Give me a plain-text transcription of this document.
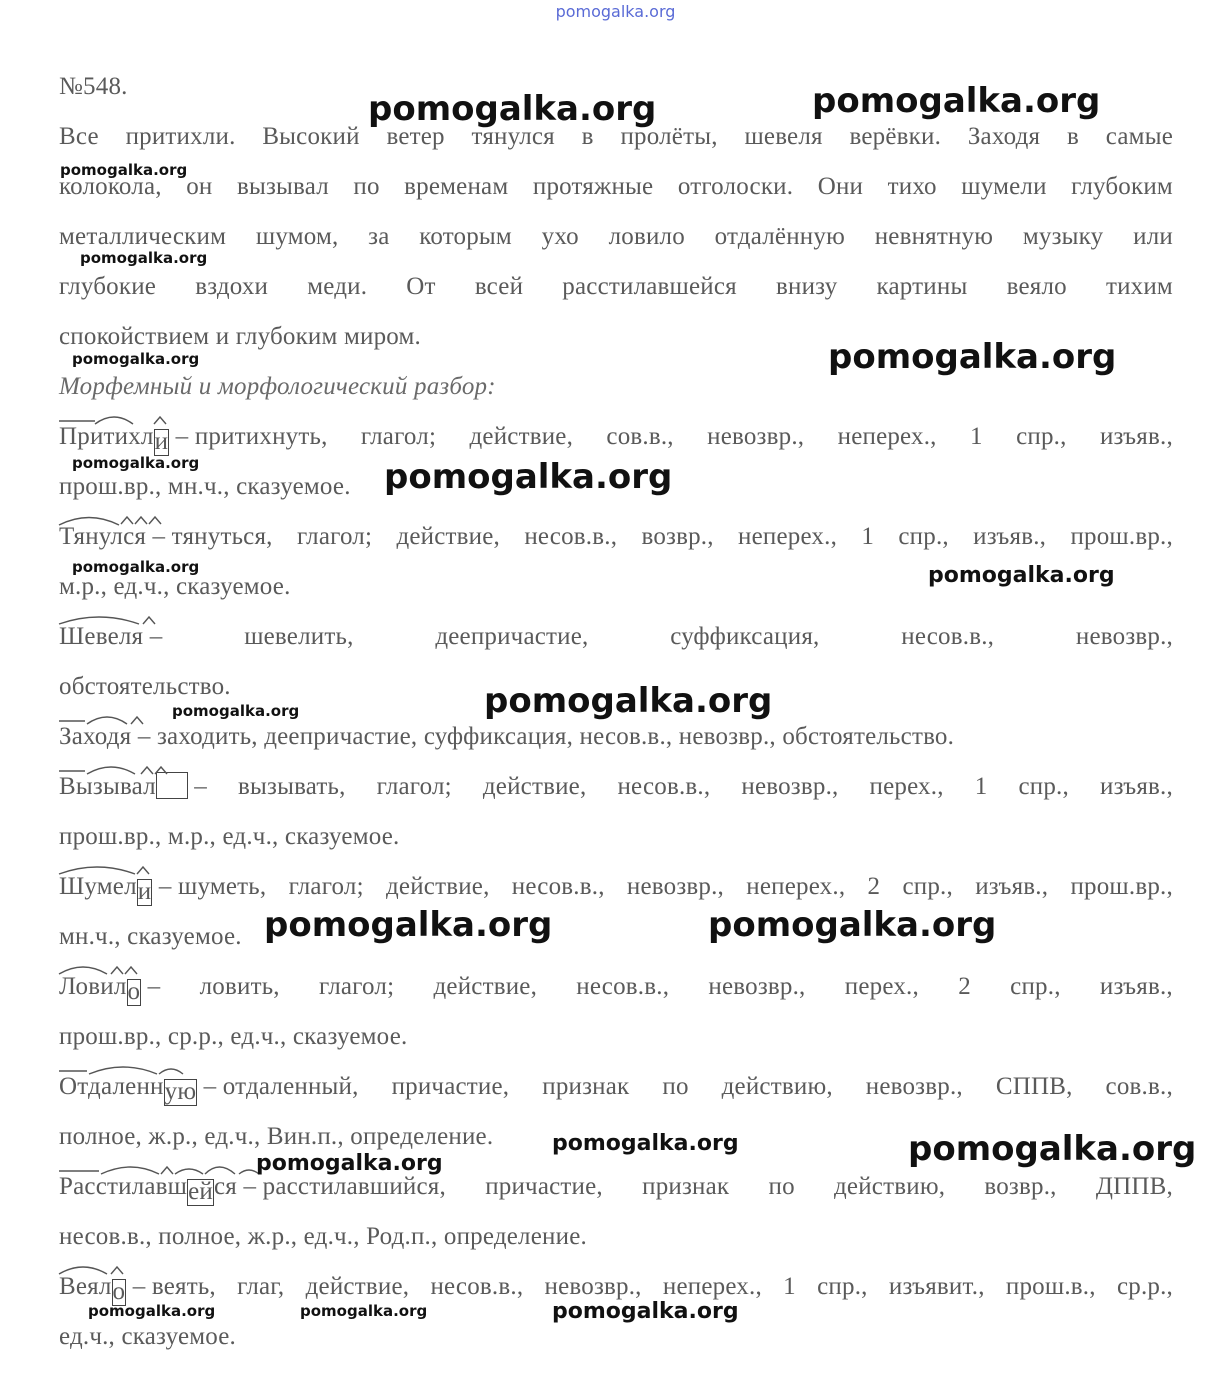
pomogalka.org
№548.
Все притихли. Высокий ветер тянулся в пролёты, шевеля верёвки. Заходя в самые
колокола, он вызывал по временам протяжные отголоски. Они тихо шумели глубоким
металлическим шумом, за которым ухо ловило отдалённую невнятную музыку или
глубокие вздохи меди. От всей расстилавшейся внизу картины веяло тихим
спокойствием и глубоким миром.
Морфемный и морфологический разбор:
Притихли – притихнуть, глагол; действие, сов.в., невозвр., неперех., 1 спр., изъяв.,
прош.вр., мн.ч., сказуемое.
Тянулся – тянуться, глагол; действие, несов.в., возвр., неперех., 1 спр., изъяв., прош.вр.,
м.р., ед.ч., сказуемое.
Шевеля –	шевелить,	деепричастие,	суффиксация,	несов.в.,	невозвр.,
обстоятельство.
Заходя – заходить, деепричастие, суффиксация, несов.в., невозвр., обстоятельство.
Вызывал – вызывать, глагол; действие, несов.в., невозвр., перех., 1 спр., изъяв.,
прош.вр., м.р., ед.ч., сказуемое.
Шумели – шуметь, глагол; действие, несов.в., невозвр., неперех., 2 спр., изъяв., прош.вр.,
мн.ч., сказуемое.
Ловило – ловить, глагол; действие, несов.в., невозвр., перех., 2 спр., изъяв.,
прош.вр., ср.р., ед.ч., сказуемое.
Отдаленную – отдаленный, причастие, признак по действию, невозвр., СППВ, сов.в.,
полное, ж.р., ед.ч., Вин.п., определение.
Расстилавшейся – расстилавшийся, причастие, признак по действию, возвр., ДППВ,
несов.в., полное, ж.р., ед.ч., Род.п., определение.
Веяло – веять, глаг, действие, несов.в., невозвр., неперех., 1 спр., изъявит., прош.в., ср.р.,
ед.ч., сказуемое.
pomogalka.org	pomogalka.org
pomogalka.org
pomogalka.org
pomogalka.org
pomogalka.org
pomogalka.org	pomogalka.org
pomogalka.org	pomogalka.org
pomogalka.org
pomogalka.org
pomogalka.org	pomogalka.org
pomogalka.org	pomogalka.org
pomogalka.org
pomogalka.org	pomogalka.org	pomogalka.org
